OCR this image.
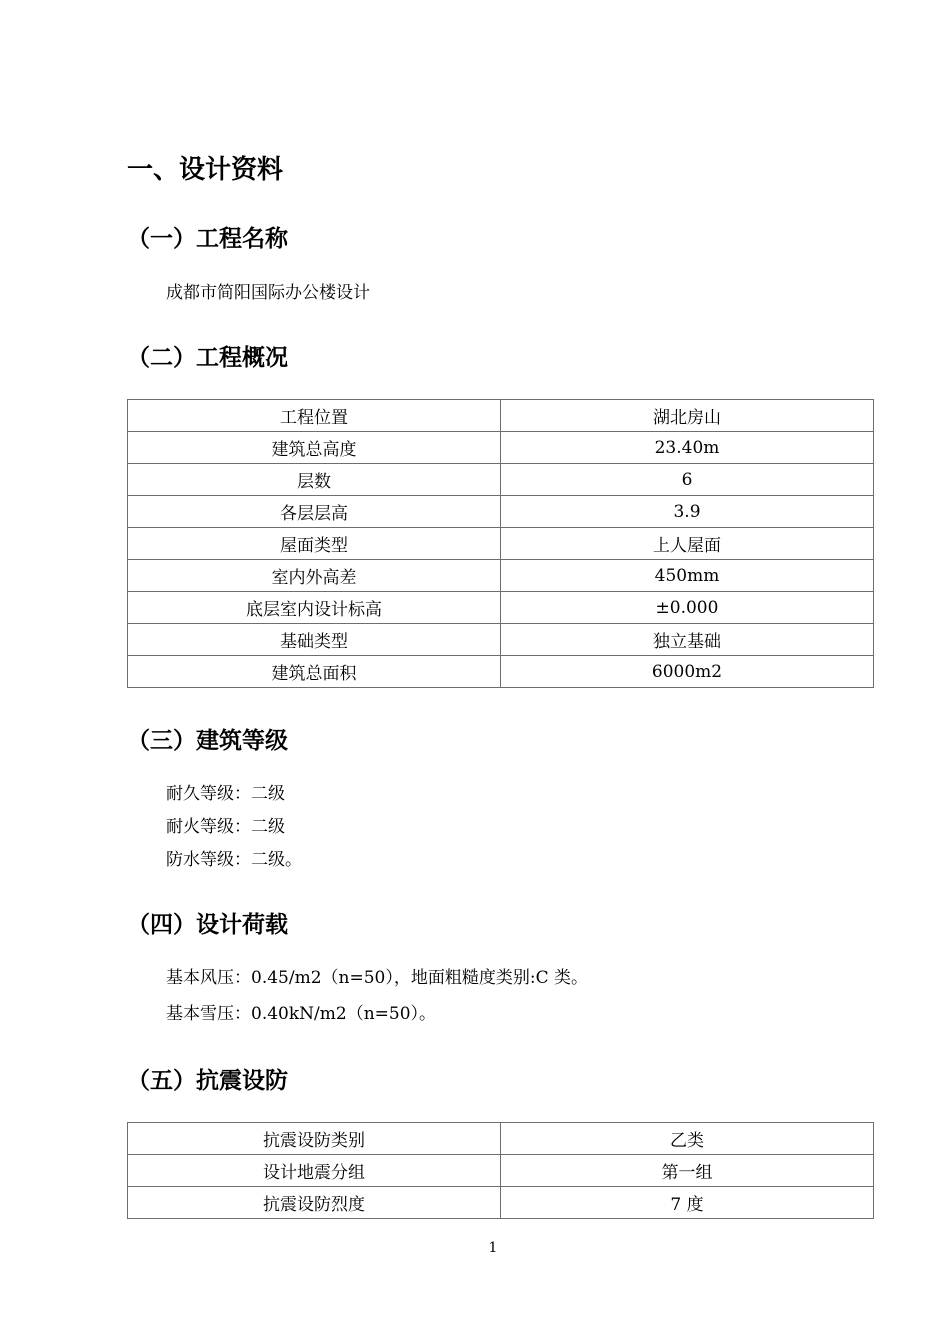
一、设计资料
（一）工程名称

成都市简阳国际办公楼设计

（二）工程概况
工程位置	湖北房山
建筑总高度	23.40m
层数	6
各层层高	3.9
屋面类型	上人屋面
室内外高差	450mm
底层室内设计标高	±0.000
基础类型	独立基础
建筑总面积	6000m2
（三）建筑等级

耐久等级：二级

耐火等级：二级

防水等级：二级。

（四）设计荷载

基本风压：0.45/m2（n=50），地面粗糙度类别:C 类。

基本雪压：0.40kN/m2（n=50）。

（五）抗震设防
抗震设防类别	乙类
设计地震分组	第一组
抗震设防烈度	7 度
1
